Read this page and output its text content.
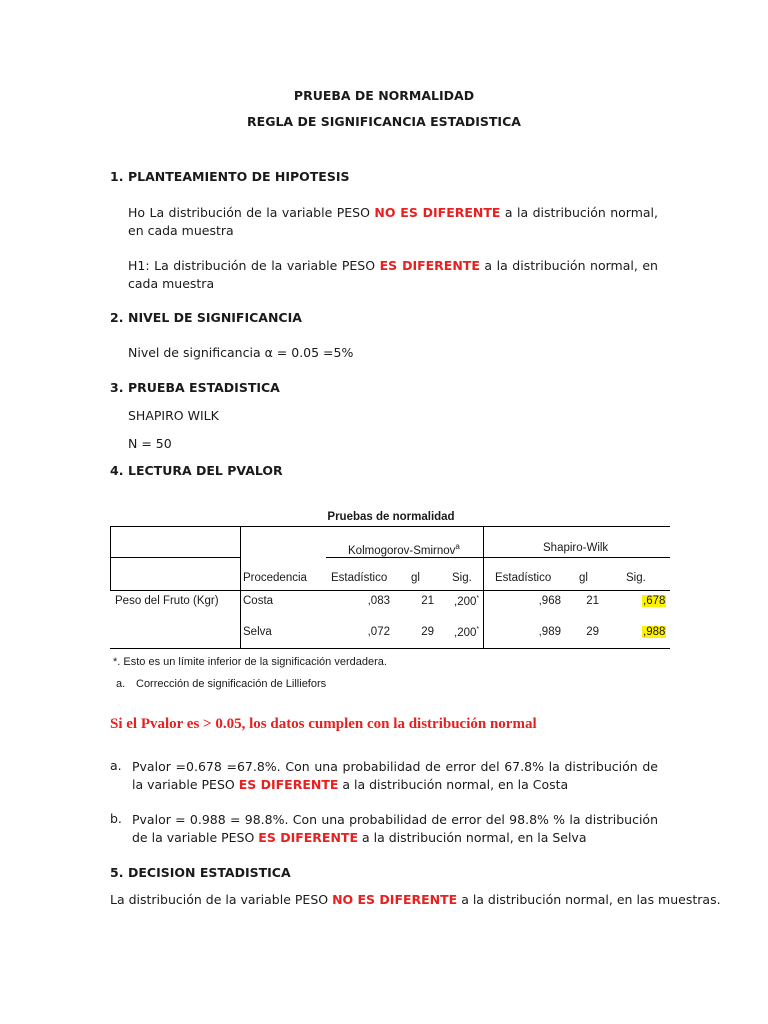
PRUEBA DE NORMALIDAD
REGLA DE SIGNIFICANCIA ESTADISTICA
1. PLANTEAMIENTO DE HIPOTESIS
Ho La distribución de la variable PESO NO ES DIFERENTE a la distribución normal, en cada muestra
H1: La distribución de la variable PESO ES DIFERENTE a la distribución normal, en cada muestra
2. NIVEL DE SIGNIFICANCIA
Nivel de significancia α = 0.05 =5%
3. PRUEBA ESTADISTICA
SHAPIRO WILK
N = 50
4. LECTURA DEL PVALOR
Pruebas de normalidad
Kolmogorov-Smirnov$^a$	Shapiro-Wilk
Procedencia Estadístico gl	Sig. Estadístico gl	Sig.
Peso del Fruto (Kgr) Costa	,083	21 ,200*	,968	21	,678
Selva	,072	29 ,200*	,989	29	,988
*. Esto es un límite inferior de la significación verdadera.
a. Corrección de significación de Lilliefors
Si el Pvalor es > 0.05, los datos cumplen con la distribución normal
a. Pvalor =0.678 =67.8%. Con una probabilidad de error del 67.8% la distribución de la variable PESO ES DIFERENTE a la distribución normal, en la Costa
b. Pvalor = 0.988 = 98.8%. Con una probabilidad de error del 98.8% % la distribución de la variable PESO ES DIFERENTE a la distribución normal, en la Selva
5. DECISION ESTADISTICA
La distribución de la variable PESO NO ES DIFERENTE a la distribución normal, en las muestras.
